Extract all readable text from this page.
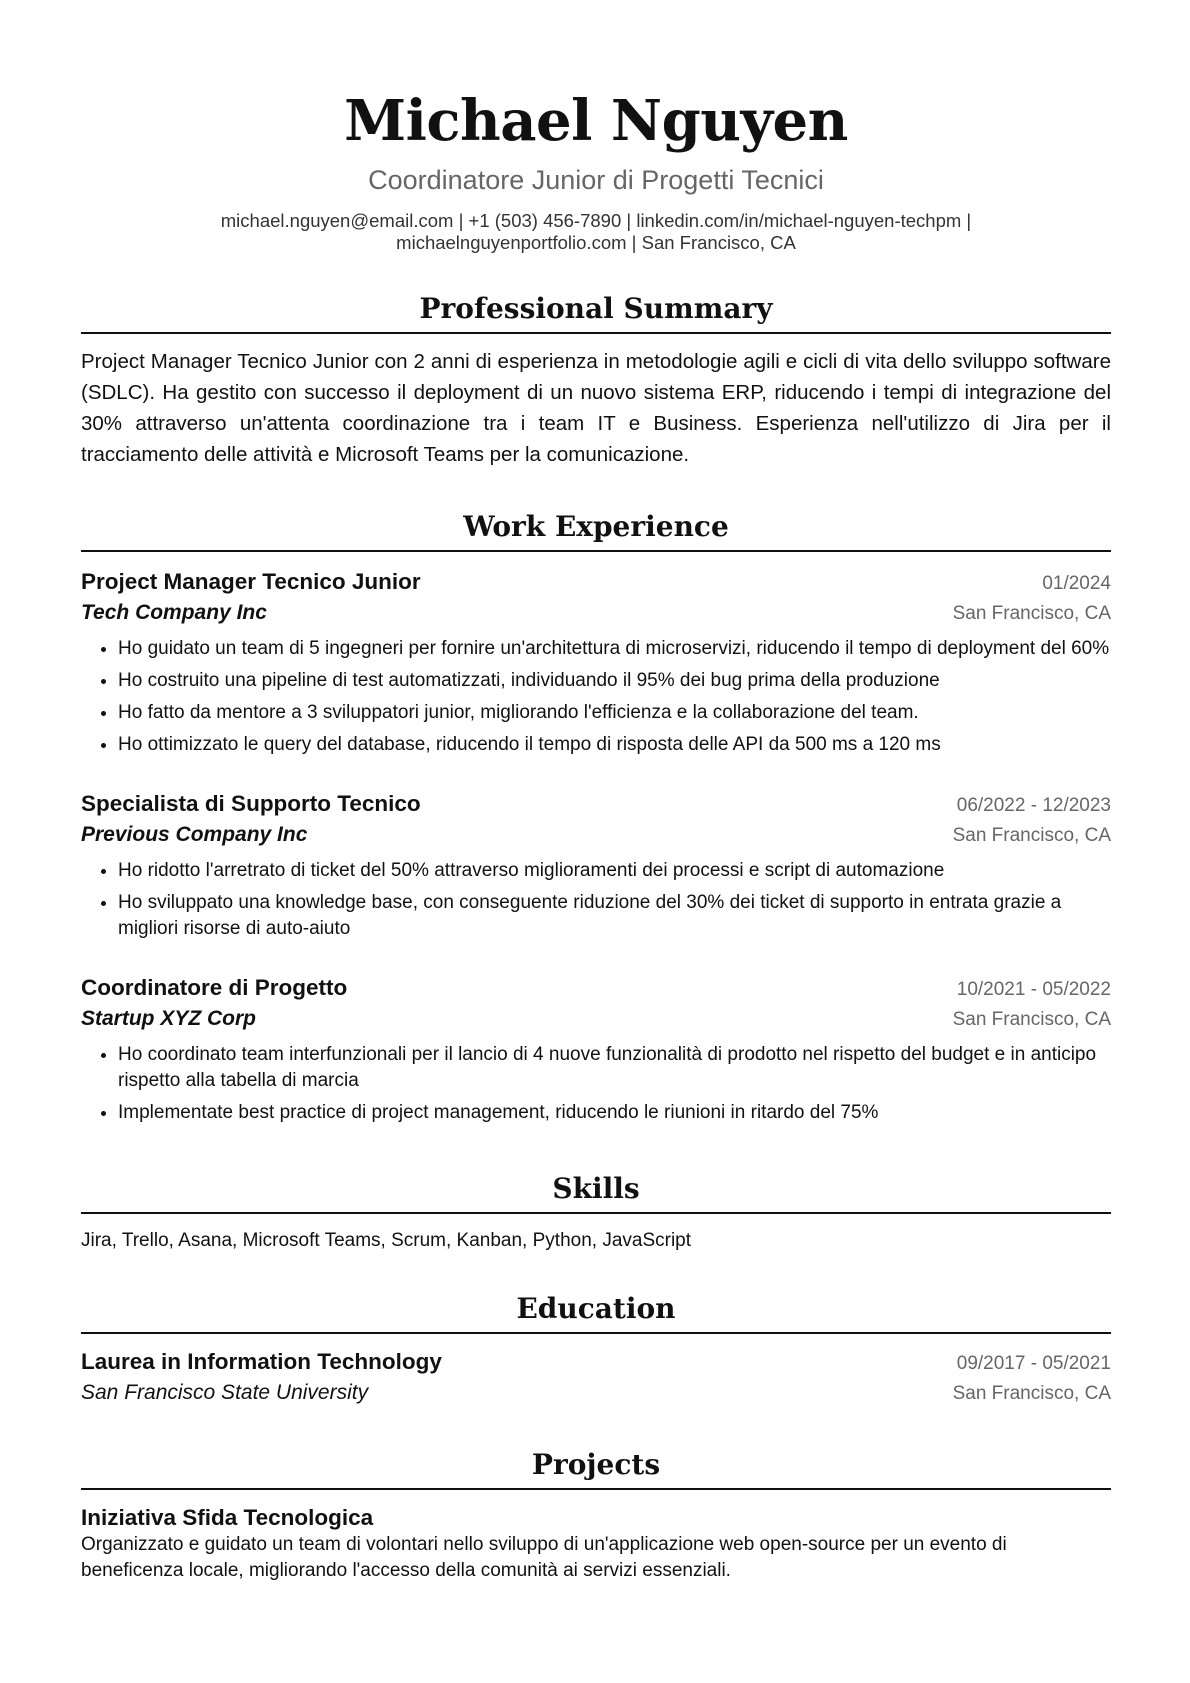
Michael Nguyen
Coordinatore Junior di Progetti Tecnici
michael.nguyen@email.com | +1 (503) 456-7890 | linkedin.com/in/michael-nguyen-techpm |
michaelnguyenportfolio.com | San Francisco, CA
Professional Summary
Project Manager Tecnico Junior con 2 anni di esperienza in metodologie agili e cicli di vita dello sviluppo software (SDLC). Ha gestito con successo il deployment di un nuovo sistema ERP, riducendo i tempi di integrazione del 30% attraverso un'attenta coordinazione tra i team IT e Business. Esperienza nell'utilizzo di Jira per il tracciamento delle attività e Microsoft Teams per la comunicazione.
Work Experience
Project Manager Tecnico Junior	01/2024
Tech Company Inc	San Francisco, CA
• Ho guidato un team di 5 ingegneri per fornire un'architettura di microservizi, riducendo il tempo di deployment del 60%
• Ho costruito una pipeline di test automatizzati, individuando il 95% dei bug prima della produzione
• Ho fatto da mentore a 3 sviluppatori junior, migliorando l'efficienza e la collaborazione del team.
• Ho ottimizzato le query del database, riducendo il tempo di risposta delle API da 500 ms a 120 ms
Specialista di Supporto Tecnico	06/2022 - 12/2023
Previous Company Inc	San Francisco, CA
• Ho ridotto l'arretrato di ticket del 50% attraverso miglioramenti dei processi e script di automazione
• Ho sviluppato una knowledge base, con conseguente riduzione del 30% dei ticket di supporto in entrata grazie a migliori risorse di auto-aiuto
Coordinatore di Progetto	10/2021 - 05/2022
Startup XYZ Corp	San Francisco, CA
• Ho coordinato team interfunzionali per il lancio di 4 nuove funzionalità di prodotto nel rispetto del budget e in anticipo rispetto alla tabella di marcia
• Implementate best practice di project management, riducendo le riunioni in ritardo del 75%
Skills
Jira, Trello, Asana, Microsoft Teams, Scrum, Kanban, Python, JavaScript
Education
Laurea in Information Technology	09/2017 - 05/2021
San Francisco State University	San Francisco, CA
Projects
Iniziativa Sfida Tecnologica
Organizzato e guidato un team di volontari nello sviluppo di un'applicazione web open-source per un evento di beneficenza locale, migliorando l'accesso della comunità ai servizi essenziali.
